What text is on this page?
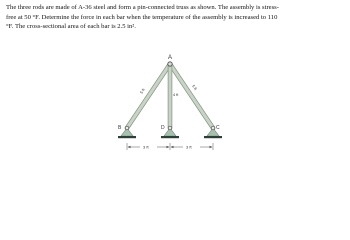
The three rods are made of A-36 steel and form a pin-connected truss as shown. The assembly is stress-

free at 50 °F. Determine the force in each bar when the temperature of the assembly is increased to 110

°F. The cross-sectional area of each bar is 2.5 in².

A
B	D	C
5 ft
4 ft
5 ft
3 ft	3 ft
